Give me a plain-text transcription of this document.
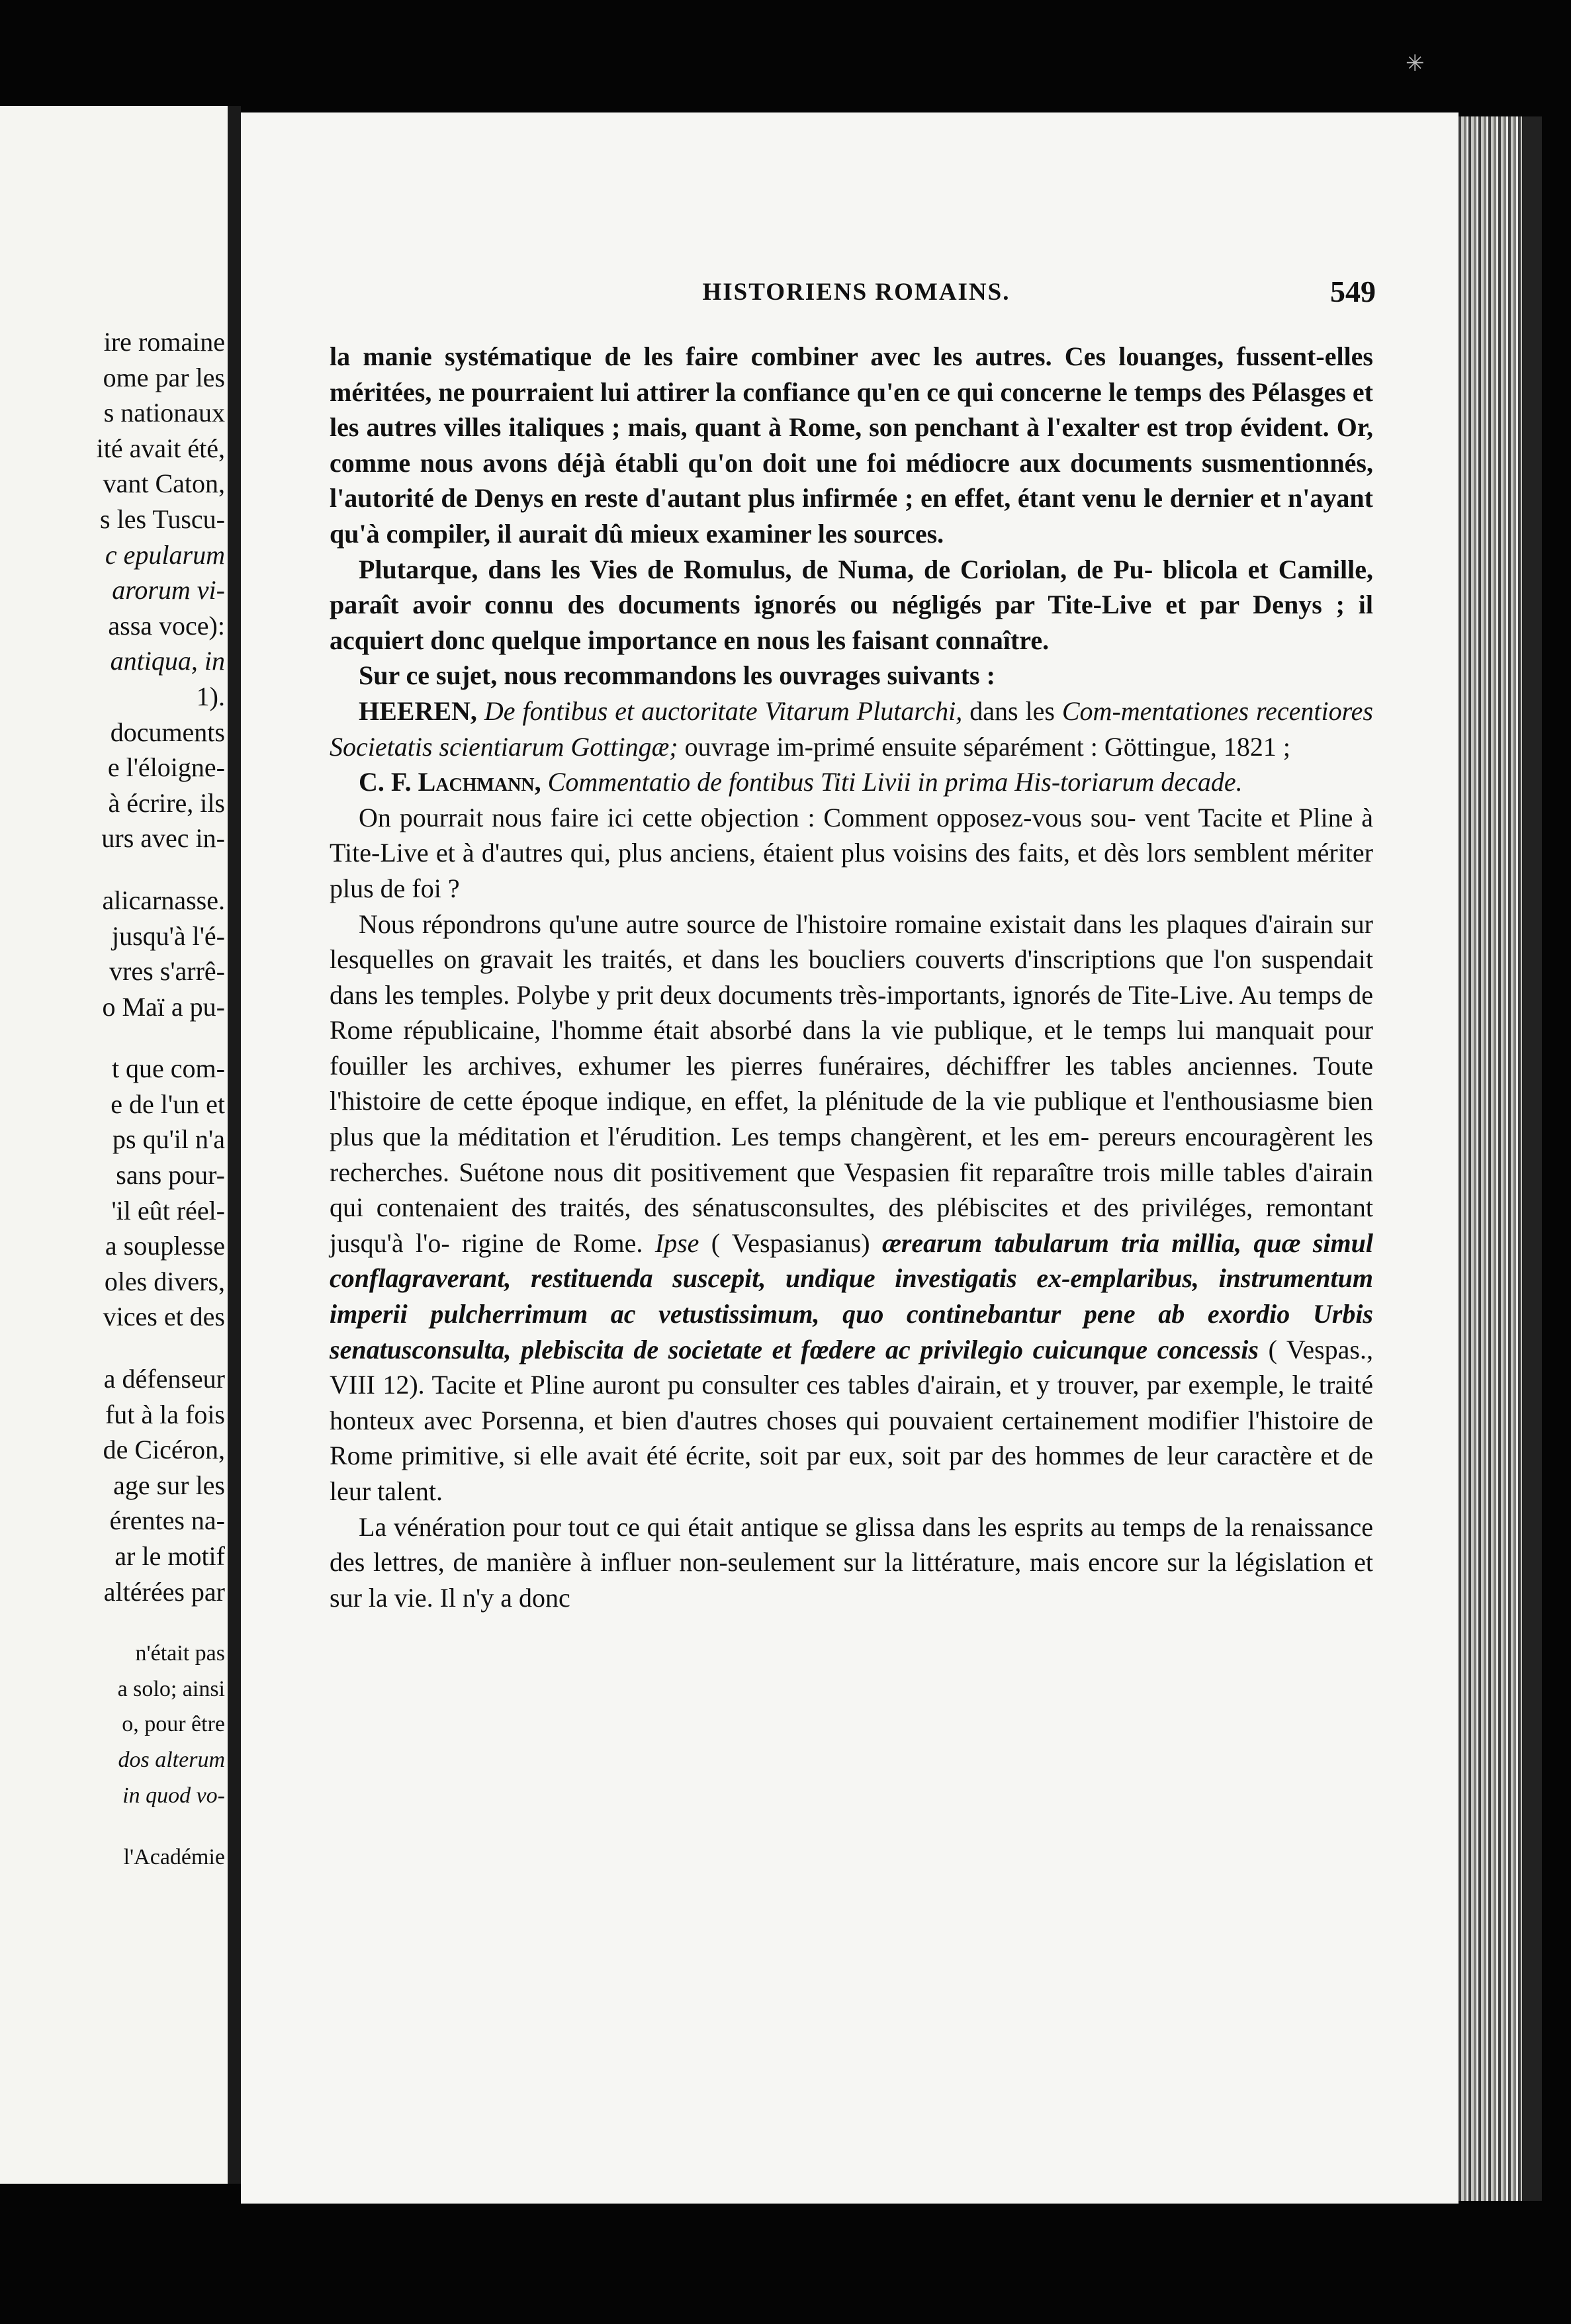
ire romaine
ome par les
s nationaux
ité avait été,
vant Caton,
s les Tuscu-
c epularum
arorum vi-
assa voce):
antiqua, in
1).
documents
e l'éloigne-
à écrire, ils
urs avec in-
alicarnasse.
jusqu'à l'é-
vres s'arrê-
o Maï a pu-
t que com-
e de l'un et
ps qu'il n'a
sans pour-
'il eût réel-
a souplesse
oles divers,
vices et des
a défenseur
fut à la fois
de Cicéron,
age sur les
érentes na-
ar le motif
altérées par
n'était pas
a solo; ainsi
o, pour être
dos alterum
in quod vo-
l'Académie
✳
HISTORIENS ROMAINS.	549

la manie systématique de les faire combiner avec les autres. Ces louanges, fussent-elles méritées, ne pourraient lui attirer la confiance qu'en ce qui concerne le temps des Pélasges et les autres villes italiques ; mais, quant à Rome, son penchant à l'exalter est trop évident. Or, comme nous avons déjà établi qu'on doit une foi médiocre aux documents susmentionnés, l'autorité de Denys en reste d'autant plus infirmée ; en effet, étant venu le dernier et n'ayant qu'à compiler, il aurait dû mieux examiner les sources.

Plutarque, dans les Vies de Romulus, de Numa, de Coriolan, de Pu- blicola et Camille, paraît avoir connu des documents ignorés ou négligés par Tite-Live et par Denys ; il acquiert donc quelque importance en nous les faisant connaître.

Sur ce sujet, nous recommandons les ouvrages suivants :

HEEREN, De fontibus et auctoritate Vitarum Plutarchi, dans les Com-mentationes recentiores Societatis scientiarum Gottingæ; ouvrage im-primé ensuite séparément : Göttingue, 1821 ;

C. F. Lachmann, Commentatio de fontibus Titi Livii in prima His-toriarum decade.

On pourrait nous faire ici cette objection : Comment opposez-vous sou- vent Tacite et Pline à Tite-Live et à d'autres qui, plus anciens, étaient plus voisins des faits, et dès lors semblent mériter plus de foi ?

Nous répondrons qu'une autre source de l'histoire romaine existait dans les plaques d'airain sur lesquelles on gravait les traités, et dans les boucliers couverts d'inscriptions que l'on suspendait dans les temples. Polybe y prit deux documents très-importants, ignorés de Tite-Live. Au temps de Rome républicaine, l'homme était absorbé dans la vie publique, et le temps lui manquait pour fouiller les archives, exhumer les pierres funéraires, déchiffrer les tables anciennes. Toute l'histoire de cette époque indique, en effet, la plénitude de la vie publique et l'enthousiasme bien plus que la méditation et l'érudition. Les temps changèrent, et les em- pereurs encouragèrent les recherches. Suétone nous dit positivement que Vespasien fit reparaître trois mille tables d'airain qui contenaient des traités, des sénatusconsultes, des plébiscites et des priviléges, remontant jusqu'à l'o- rigine de Rome. Ipse ( Vespasianus) ærearum tabularum tria millia, quæ simul conflagraverant, restituenda suscepit, undique investigatis ex-emplaribus, instrumentum imperii pulcherrimum ac vetustissimum, quo continebantur pene ab exordio Urbis senatusconsulta, plebiscita de societate et fœdere ac privilegio cuicunque concessis ( Vespas., VIII 12). Tacite et Pline auront pu consulter ces tables d'airain, et y trouver, par exemple, le traité honteux avec Porsenna, et bien d'autres choses qui pouvaient certainement modifier l'histoire de Rome primitive, si elle avait été écrite, soit par eux, soit par des hommes de leur caractère et de leur talent.

La vénération pour tout ce qui était antique se glissa dans les esprits au temps de la renaissance des lettres, de manière à influer non-seulement sur la littérature, mais encore sur la législation et sur la vie. Il n'y a donc
